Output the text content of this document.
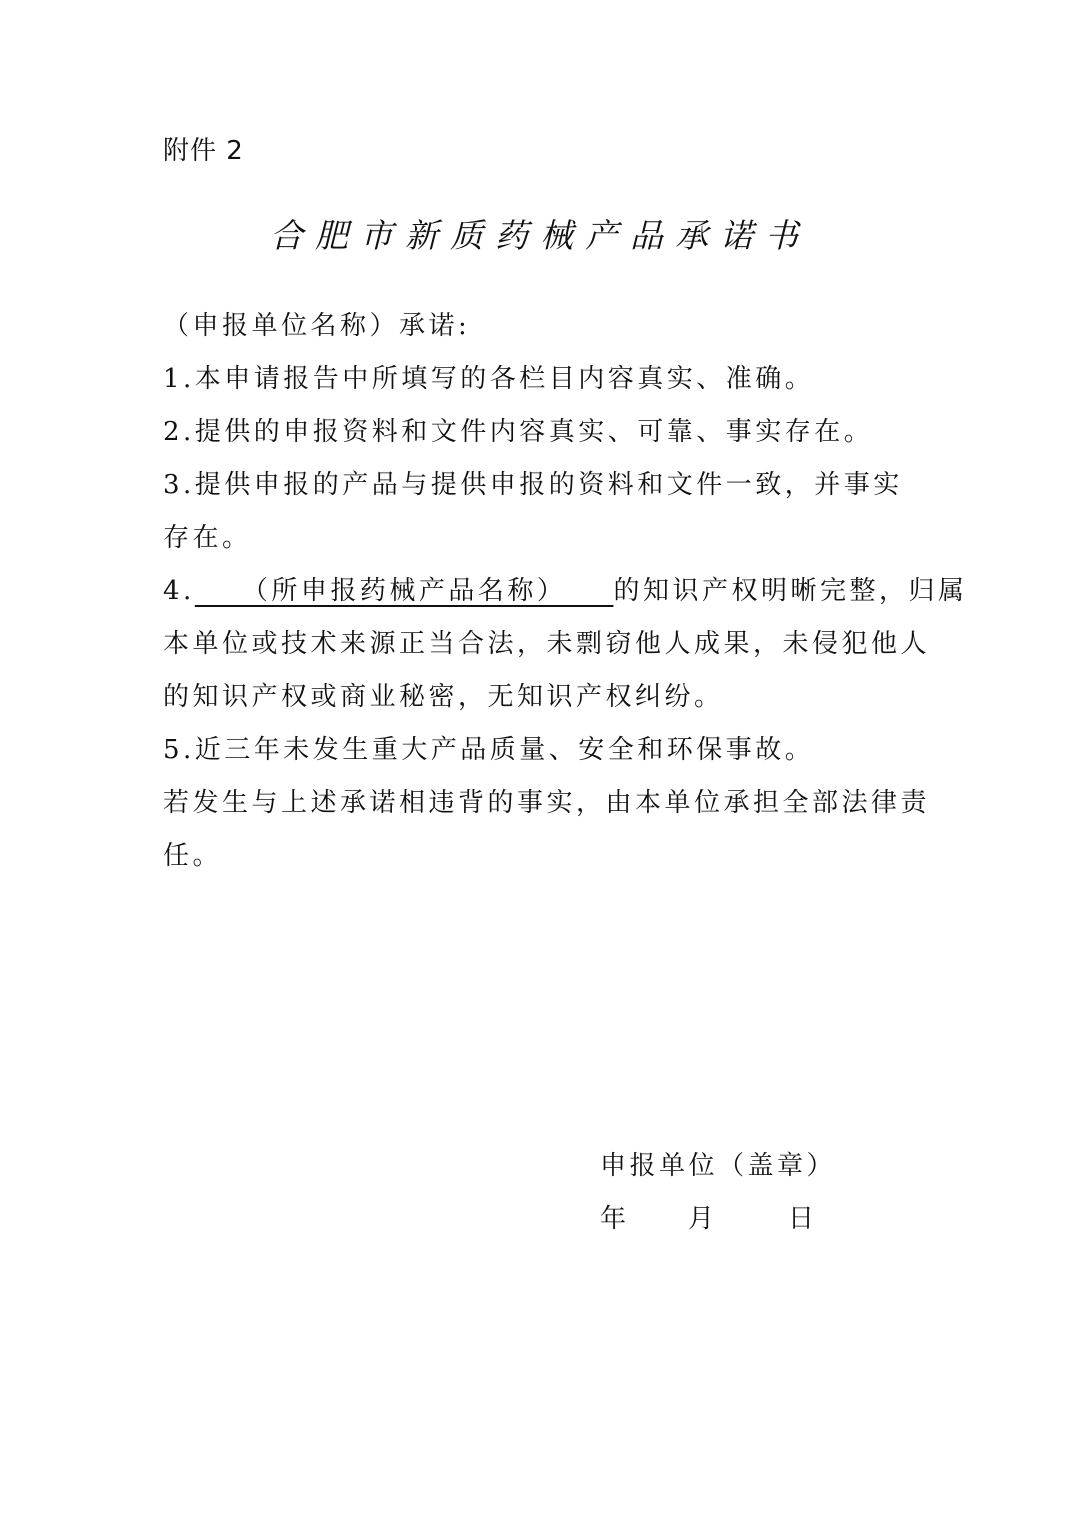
附件 2
合肥市新质药械产品承诺书
（申报单位名称）承诺:
1.本申请报告中所填写的各栏目内容真实、准确。
2.提供的申报资料和文件内容真实、可靠、事实存在。
3.提供申报的产品与提供申报的资料和文件一致，并事实
存在。
4.    （所申报药械产品名称）    的知识产权明晰完整，归属
本单位或技术来源正当合法，未剽窃他人成果，未侵犯他人
的知识产权或商业秘密，无知识产权纠纷。
5.近三年未发生重大产品质量、安全和环保事故。
若发生与上述承诺相违背的事实，由本单位承担全部法律责
任。
申报单位（盖章）
年 月	日
